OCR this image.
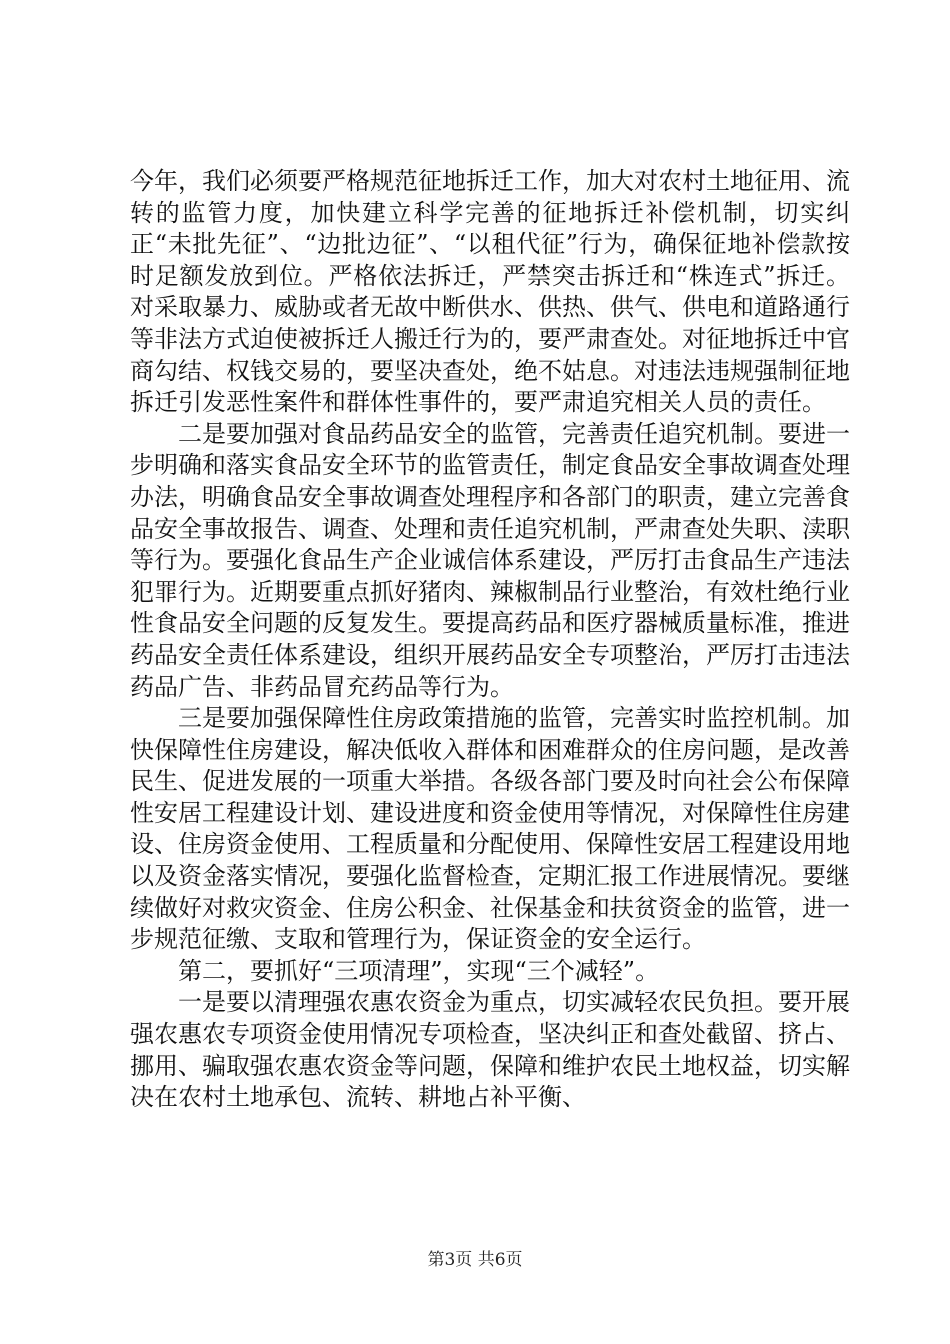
今年，我们必须要严格规范征地拆迁工作，加大对农村土地征用、流转的监管力度，加快建立科学完善的征地拆迁补偿机制，切实纠正“未批先征”、“边批边征”、“以租代征”行为，确保征地补偿款按时足额发放到位。严格依法拆迁，严禁突击拆迁和“株连式”拆迁。对采取暴力、威胁或者无故中断供水、供热、供气、供电和道路通行等非法方式迫使被拆迁人搬迁行为的，要严肃查处。对征地拆迁中官商勾结、权钱交易的，要坚决查处，绝不姑息。对违法违规强制征地拆迁引发恶性案件和群体性事件的，要严肃追究相关人员的责任。

二是要加强对食品药品安全的监管，完善责任追究机制。要进一步明确和落实食品安全环节的监管责任，制定食品安全事故调查处理办法，明确食品安全事故调查处理程序和各部门的职责，建立完善食品安全事故报告、调查、处理和责任追究机制，严肃查处失职、渎职等行为。要强化食品生产企业诚信体系建设，严厉打击食品生产违法犯罪行为。近期要重点抓好猪肉、辣椒制品行业整治，有效杜绝行业性食品安全问题的反复发生。要提高药品和医疗器械质量标准，推进药品安全责任体系建设，组织开展药品安全专项整治，严厉打击违法药品广告、非药品冒充药品等行为。

三是要加强保障性住房政策措施的监管，完善实时监控机制。加快保障性住房建设，解决低收入群体和困难群众的住房问题，是改善民生、促进发展的一项重大举措。各级各部门要及时向社会公布保障性安居工程建设计划、建设进度和资金使用等情况，对保障性住房建设、住房资金使用、工程质量和分配使用、保障性安居工程建设用地以及资金落实情况，要强化监督检查，定期汇报工作进展情况。要继续做好对救灾资金、住房公积金、社保基金和扶贫资金的监管，进一步规范征缴、支取和管理行为，保证资金的安全运行。

第二，要抓好“三项清理”，实现“三个减轻”。

一是要以清理强农惠农资金为重点，切实减轻农民负担。要开展强农惠农专项资金使用情况专项检查，坚决纠正和查处截留、挤占、挪用、骗取强农惠农资金等问题，保障和维护农民土地权益，切实解决在农村土地承包、流转、耕地占补平衡、

第3页 共6页
